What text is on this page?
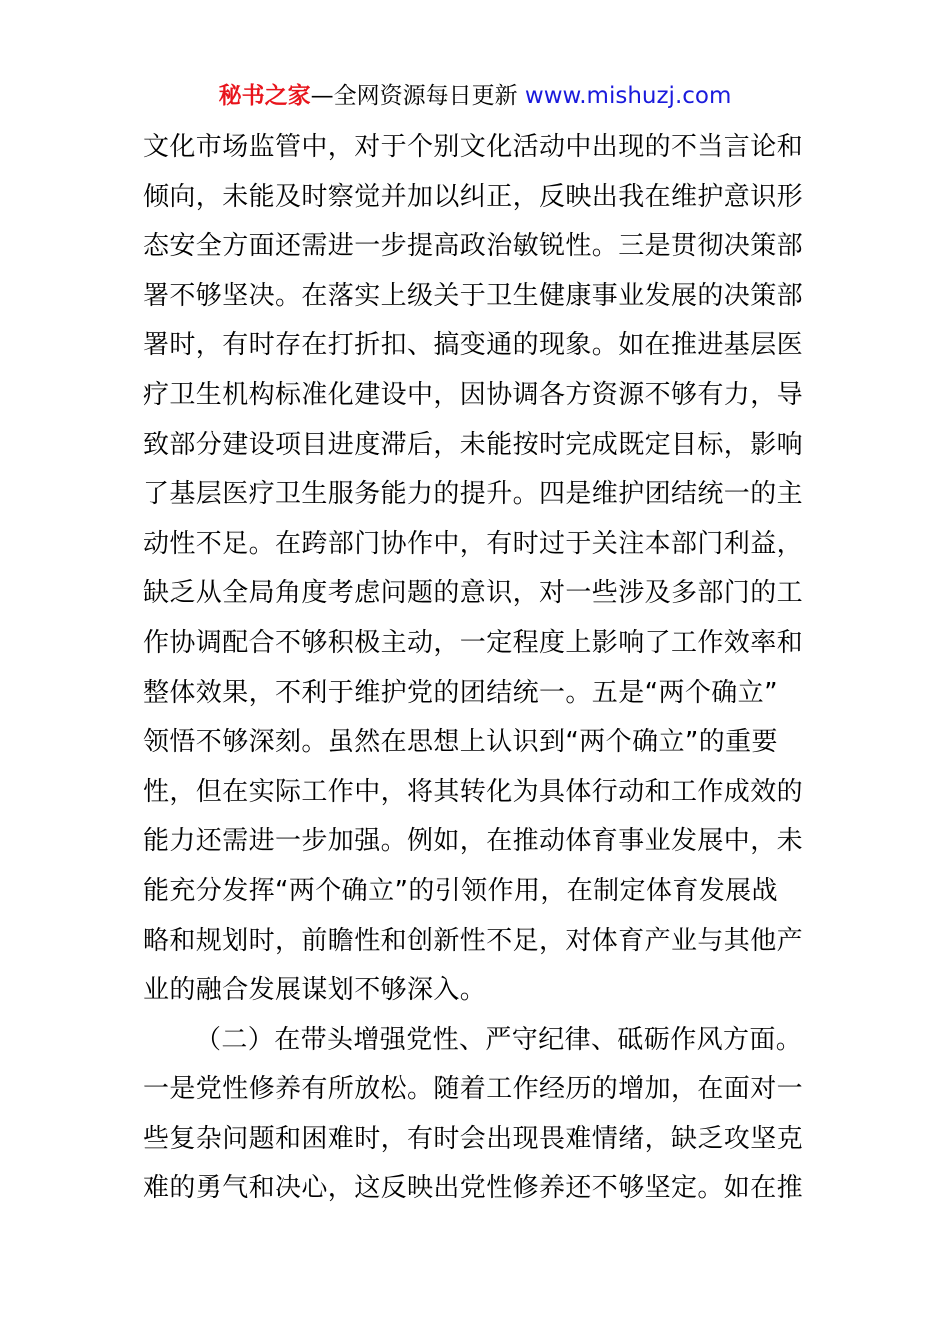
秘书之家—全网资源每日更新 www.mishuzj.com
文化市场监管中，对于个别文化活动中出现的不当言论和
倾向，未能及时察觉并加以纠正，反映出我在维护意识形
态安全方面还需进一步提高政治敏锐性。三是贯彻决策部
署不够坚决。在落实上级关于卫生健康事业发展的决策部
署时，有时存在打折扣、搞变通的现象。如在推进基层医
疗卫生机构标准化建设中，因协调各方资源不够有力，导
致部分建设项目进度滞后，未能按时完成既定目标，影响
了基层医疗卫生服务能力的提升。四是维护团结统一的主
动性不足。在跨部门协作中，有时过于关注本部门利益，
缺乏从全局角度考虑问题的意识，对一些涉及多部门的工
作协调配合不够积极主动，一定程度上影响了工作效率和
整体效果，不利于维护党的团结统一。五是“两个确立”
领悟不够深刻。虽然在思想上认识到“两个确立”的重要
性，但在实际工作中，将其转化为具体行动和工作成效的
能力还需进一步加强。例如，在推动体育事业发展中，未
能充分发挥“两个确立”的引领作用，在制定体育发展战
略和规划时，前瞻性和创新性不足，对体育产业与其他产
业的融合发展谋划不够深入。
（二）在带头增强党性、严守纪律、砥砺作风方面。
一是党性修养有所放松。随着工作经历的增加，在面对一
些复杂问题和困难时，有时会出现畏难情绪，缺乏攻坚克
难的勇气和决心，这反映出党性修养还不够坚定。如在推
